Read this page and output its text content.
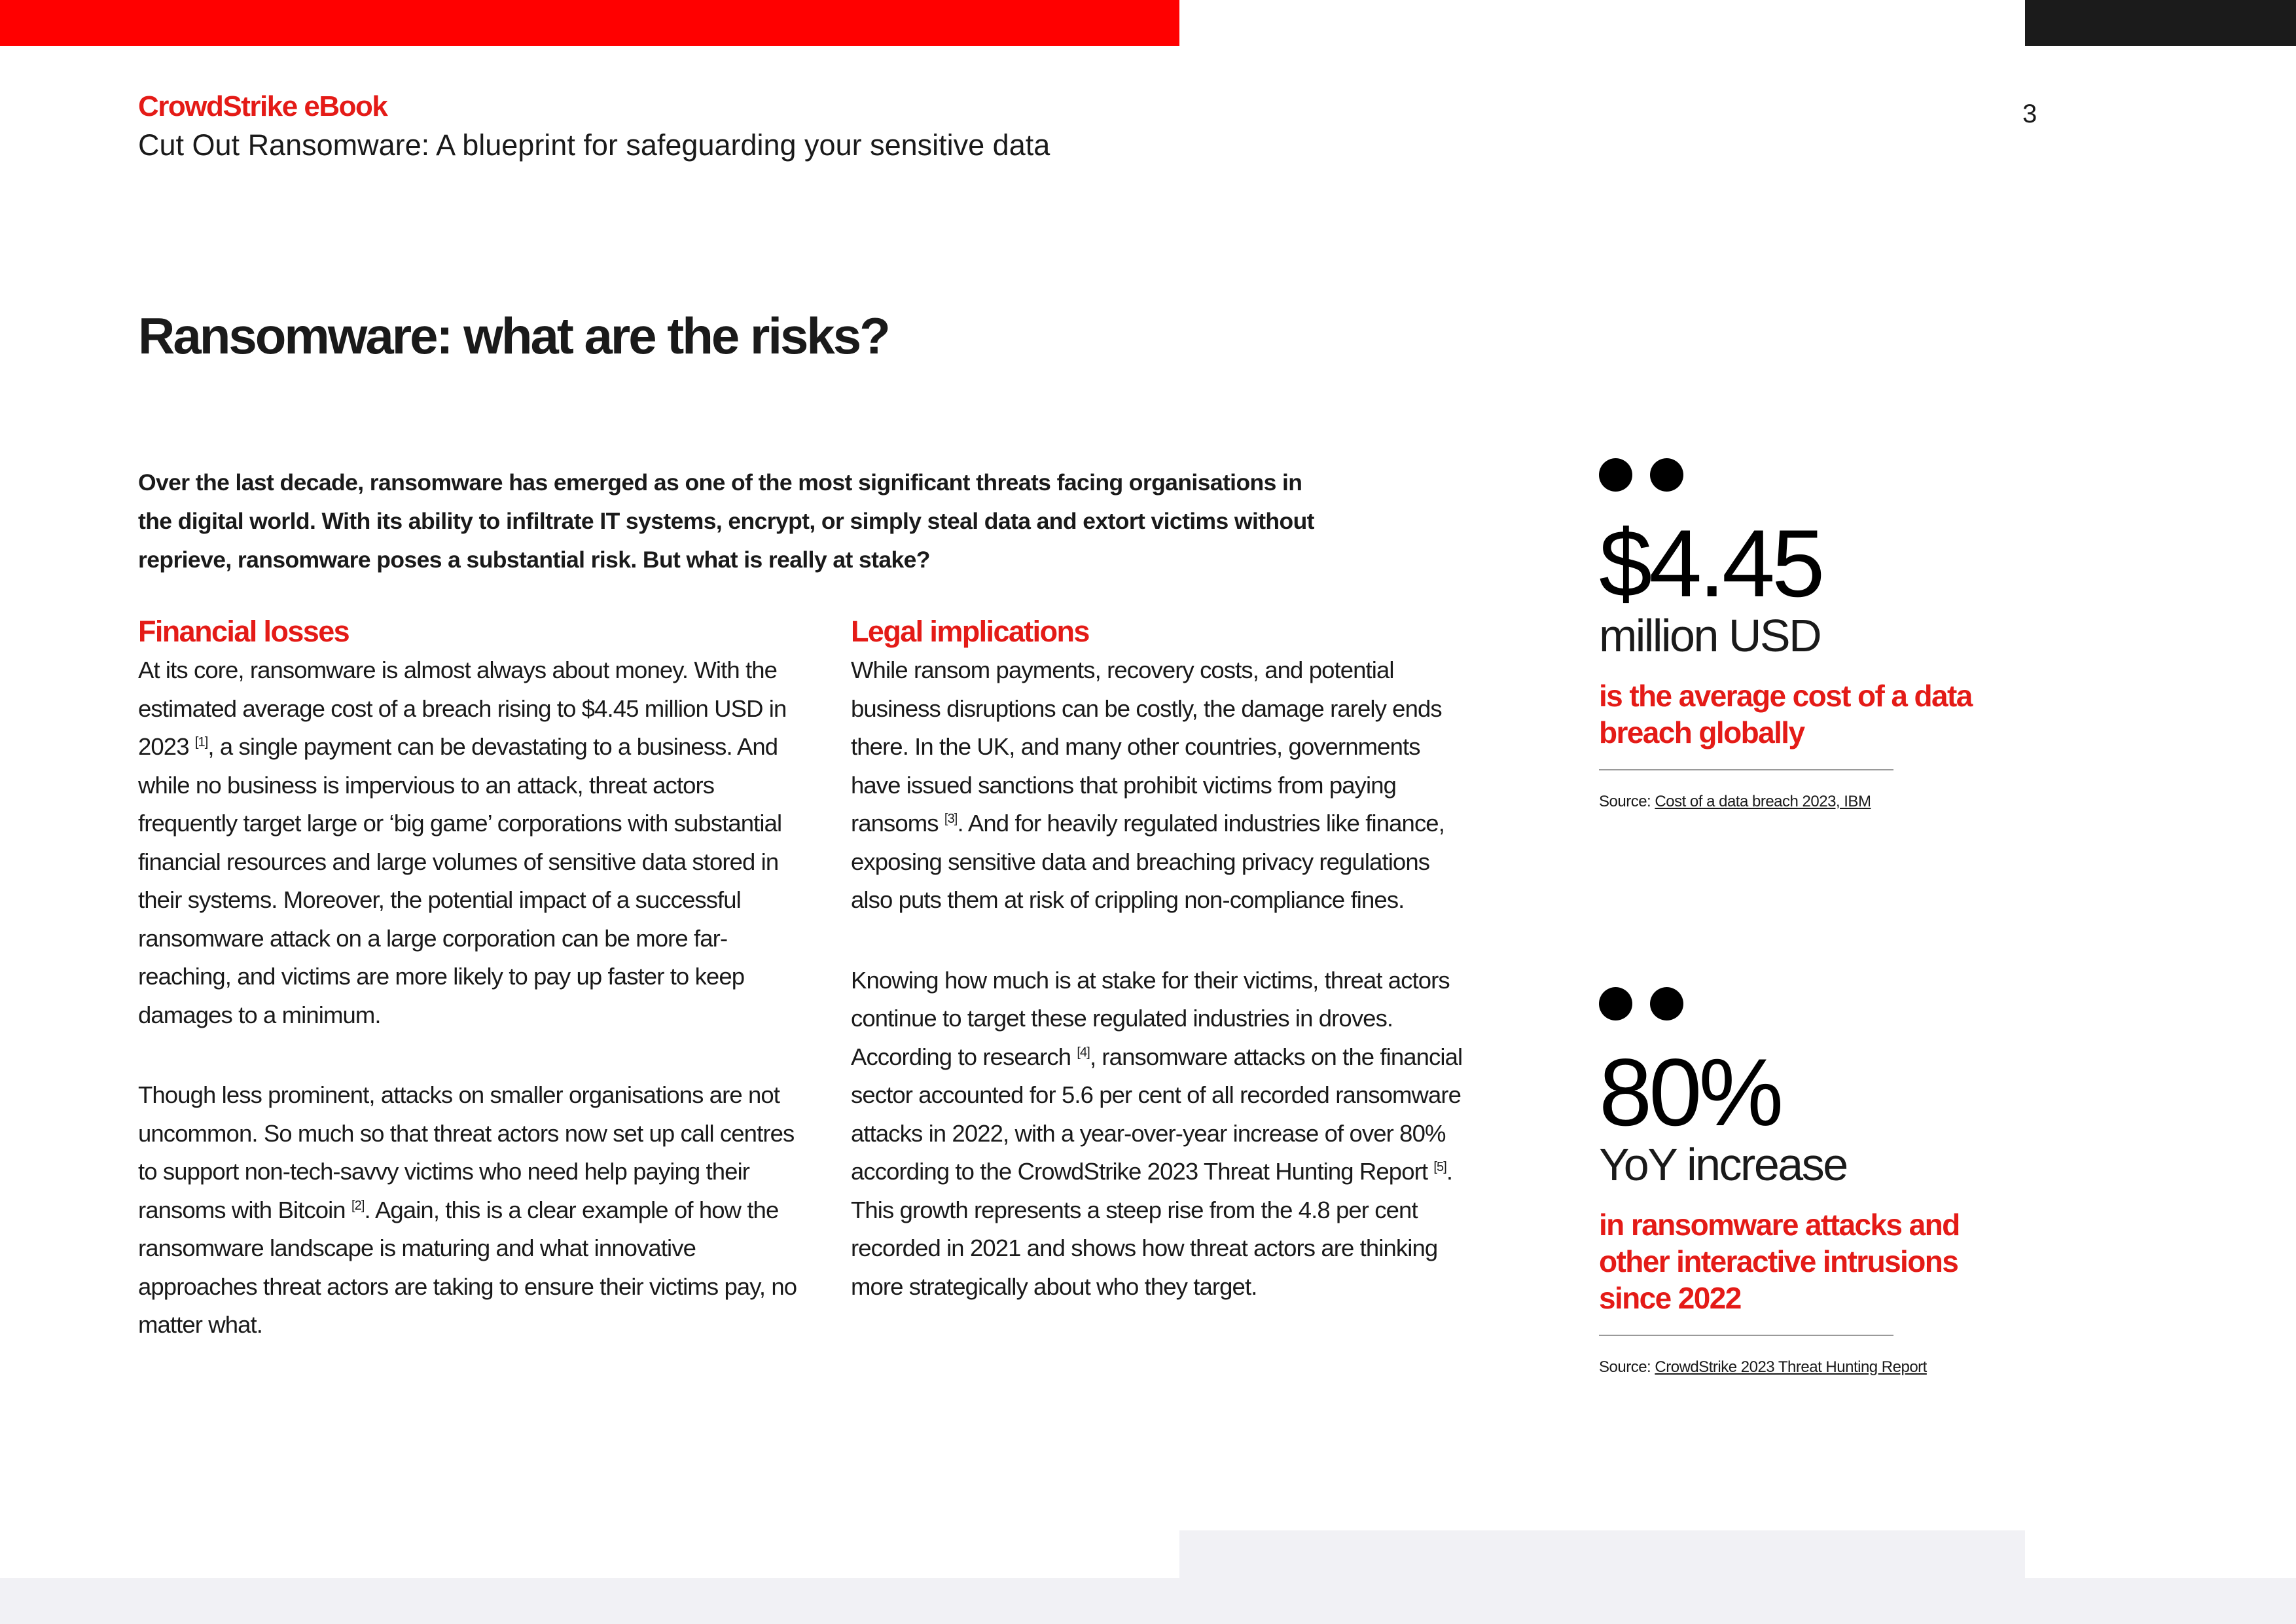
CrowdStrike eBook
Cut Out Ransomware: A blueprint for safeguarding your sensitive data
3
Ransomware: what are the risks?
Over the last decade, ransomware has emerged as one of the most significant threats facing organisations in the digital world. With its ability to infiltrate IT systems, encrypt, or simply steal data and extort victims without reprieve, ransomware poses a substantial risk. But what is really at stake?
Financial losses

At its core, ransomware is almost always about money. With the estimated average cost of a breach rising to $4.45 million USD in 2023 [1], a single payment can be devastating to a business. And while no business is impervious to an attack, threat actors frequently target large or ‘big game’ corporations with substantial financial resources and large volumes of sensitive data stored in their systems. Moreover, the potential impact of a successful ransomware attack on a large corporation can be more far-reaching, and victims are more likely to pay up faster to keep damages to a minimum.

Though less prominent, attacks on smaller organisations are not uncommon. So much so that threat actors now set up call centres to support non-tech-savvy victims who need help paying their ransoms with Bitcoin [2]. Again, this is a clear example of how the ransomware landscape is maturing and what innovative approaches threat actors are taking to ensure their victims pay, no matter what.

Legal implications

While ransom payments, recovery costs, and potential business disruptions can be costly, the damage rarely ends there. In the UK, and many other countries, governments have issued sanctions that prohibit victims from paying ransoms [3]. And for heavily regulated industries like finance, exposing sensitive data and breaching privacy regulations also puts them at risk of crippling non-compliance fines.

Knowing how much is at stake for their victims, threat actors continue to target these regulated industries in droves. According to research [4], ransomware attacks on the financial sector accounted for 5.6 per cent of all recorded ransomware attacks in 2022, with a year-over-year increase of over 80% according to the CrowdStrike 2023 Threat Hunting Report [5]. This growth represents a steep rise from the 4.8 per cent recorded in 2021 and shows how threat actors are thinking more strategically about who they target.

$4.45
million USD
is the average cost of a data breach globally
Source: Cost of a data breach 2023, IBM
80%
YoY increase
in ransomware attacks and other interactive intrusions since 2022
Source: CrowdStrike 2023 Threat Hunting Report
